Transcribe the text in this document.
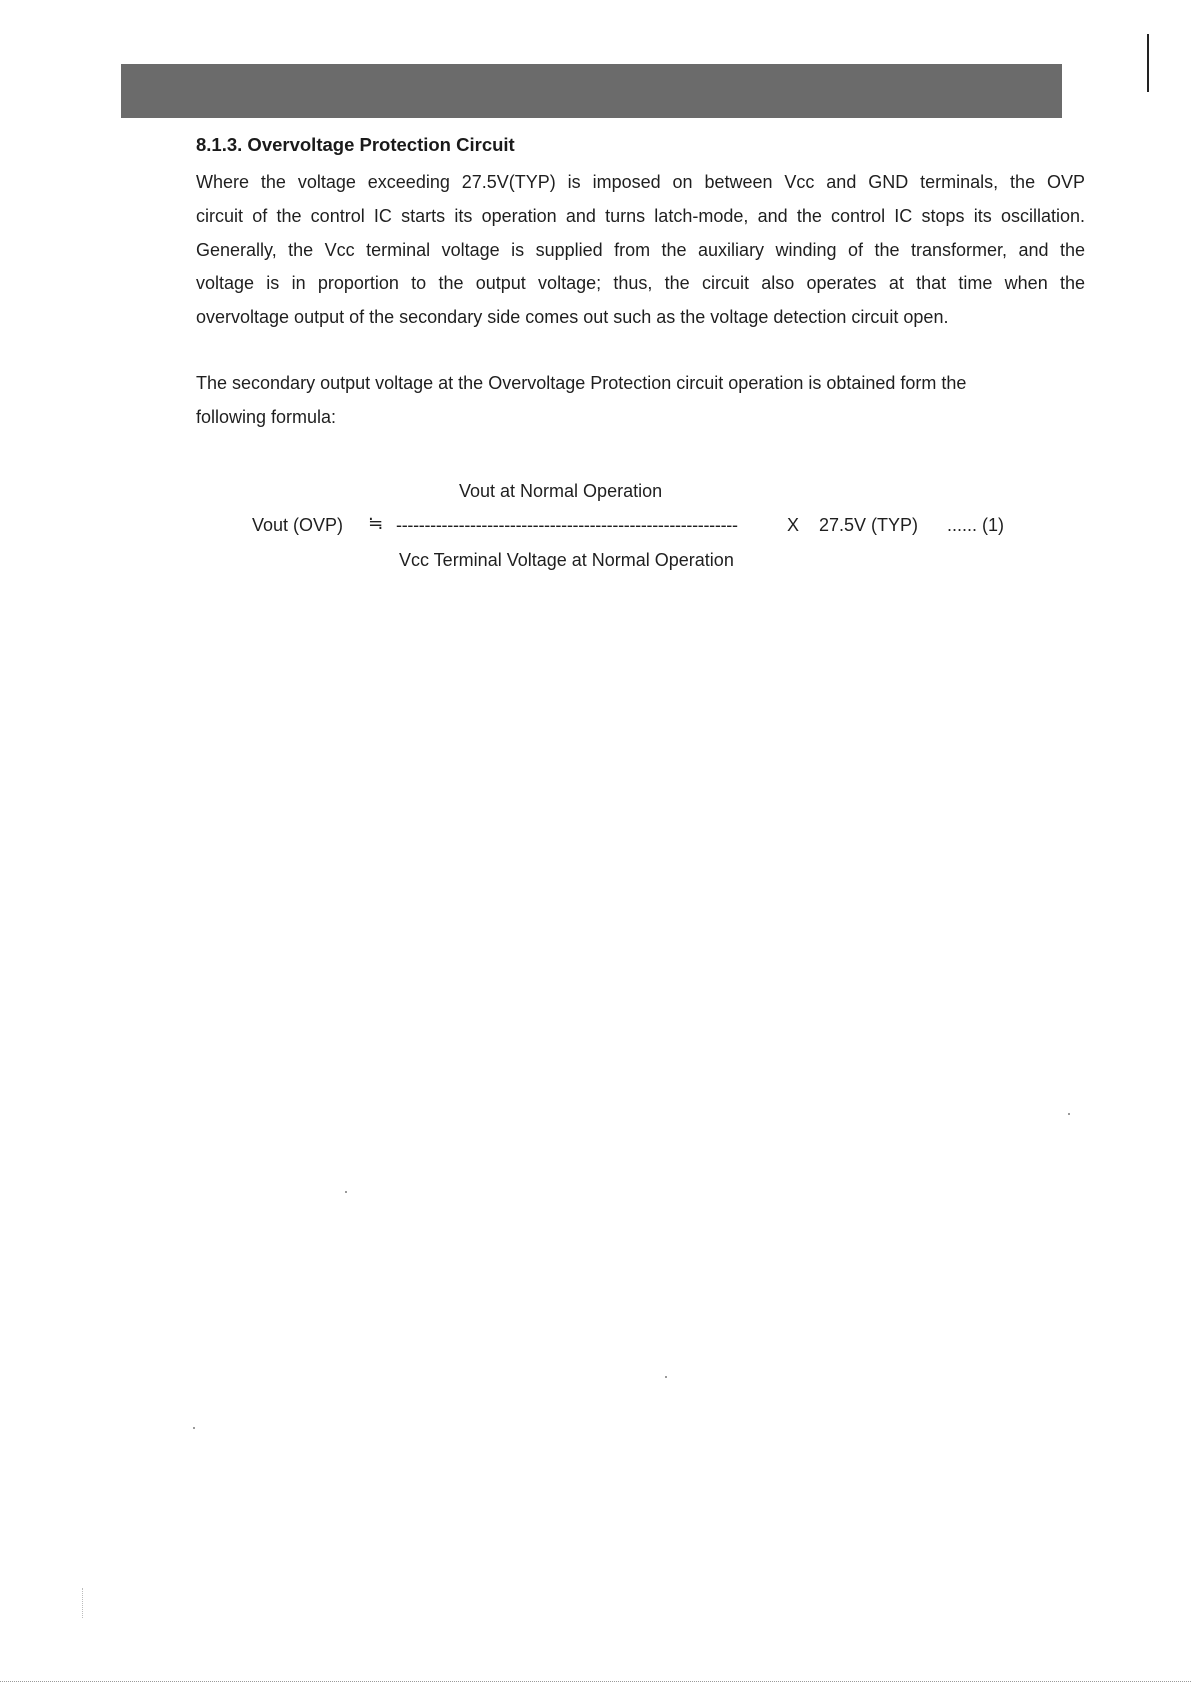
8.1.3. Overvoltage Protection Circuit
Where the voltage exceeding 27.5V(TYP) is imposed on between Vcc and GND terminals, the OVP
circuit of the control IC starts its operation and turns latch-mode, and the control IC stops its oscillation.
Generally, the Vcc terminal voltage is supplied from the auxiliary winding of the transformer, and the
voltage is in proportion to the output voltage; thus, the circuit also operates at that time when the
overvoltage output of the secondary side comes out such as the voltage detection circuit open.
The secondary output voltage at the Overvoltage Protection circuit operation is obtained form the
following formula:
Vout at Normal Operation
Vout (OVP) ≒ ------------------------------------------------------------	X 27.5V (TYP) ...... (1)
Vcc Terminal Voltage at Normal Operation
